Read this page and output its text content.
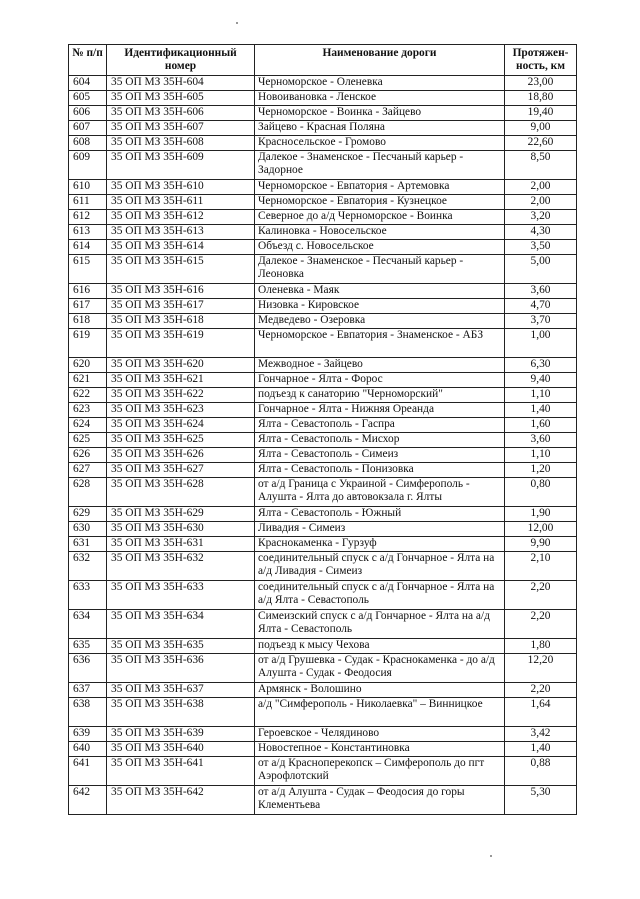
№ п/п	Идентификационный номер	Наименование дороги	Протяжен-ность, км
604	35 ОП МЗ 35Н-604	Черноморское - Оленевка	23,00
605	35 ОП МЗ 35Н-605	Новоивановка - Ленское	18,80
606	35 ОП МЗ 35Н-606	Черноморское - Воинка - Зайцево	19,40
607	35 ОП МЗ 35Н-607	Зайцево - Красная Поляна	9,00
608	35 ОП МЗ 35Н-608	Красносельское - Громово	22,60
609	35 ОП МЗ 35Н-609	Далекое - Знаменское - Песчаный карьер - Задорное	8,50
610	35 ОП МЗ 35Н-610	Черноморское - Евпатория - Артемовка	2,00
611	35 ОП МЗ 35Н-611	Черноморское - Евпатория - Кузнецкое	2,00
612	35 ОП МЗ 35Н-612	Северное до а/д Черноморское - Воинка	3,20
613	35 ОП МЗ 35Н-613	Калиновка - Новосельское	4,30
614	35 ОП МЗ 35Н-614	Объезд с. Новосельское	3,50
615	35 ОП МЗ 35Н-615	Далекое - Знаменское - Песчаный карьер - Леоновка	5,00
616	35 ОП МЗ 35Н-616	Оленевка - Маяк	3,60
617	35 ОП МЗ 35Н-617	Низовка - Кировское	4,70
618	35 ОП МЗ 35Н-618	Медведево - Озеровка	3,70
619	35 ОП МЗ 35Н-619	Черноморское - Евпатория - Знаменское - АБЗ	1,00
620	35 ОП МЗ 35Н-620	Межводное - Зайцево	6,30
621	35 ОП МЗ 35Н-621	Гончарное - Ялта - Форос	9,40
622	35 ОП МЗ 35Н-622	подъезд к санаторию "Черноморский"	1,10
623	35 ОП МЗ 35Н-623	Гончарное - Ялта - Нижняя Ореанда	1,40
624	35 ОП МЗ 35Н-624	Ялта - Севастополь - Гаспра	1,60
625	35 ОП МЗ 35Н-625	Ялта - Севастополь - Мисхор	3,60
626	35 ОП МЗ 35Н-626	Ялта - Севастополь - Симеиз	1,10
627	35 ОП МЗ 35Н-627	Ялта - Севастополь - Понизовка	1,20
628	35 ОП МЗ 35Н-628	от а/д Граница с Украиной - Симферополь - Алушта - Ялта до автовокзала г. Ялты	0,80
629	35 ОП МЗ 35Н-629	Ялта - Севастополь - Южный	1,90
630	35 ОП МЗ 35Н-630	Ливадия - Симеиз	12,00
631	35 ОП МЗ 35Н-631	Краснокаменка - Гурзуф	9,90
632	35 ОП МЗ 35Н-632	соединительный спуск с а/д Гончарное - Ялта на а/д Ливадия - Симеиз	2,10
633	35 ОП МЗ 35Н-633	соединительный спуск с а/д Гончарное - Ялта на а/д Ялта - Севастополь	2,20
634	35 ОП МЗ 35Н-634	Симеизский спуск с а/д Гончарное - Ялта на а/д Ялта - Севастополь	2,20
635	35 ОП МЗ 35Н-635	подъезд к мысу Чехова	1,80
636	35 ОП МЗ 35Н-636	от а/д Грушевка - Судак - Краснокаменка - до а/д Алушта - Судак - Феодосия	12,20
637	35 ОП МЗ 35Н-637	Армянск - Волошино	2,20
638	35 ОП МЗ 35Н-638	а/д "Симферополь - Николаевка" – Винницкое	1,64
639	35 ОП МЗ 35Н-639	Героевское - Челядиново	3,42
640	35 ОП МЗ 35Н-640	Новостепное - Константиновка	1,40
641	35 ОП МЗ 35Н-641	от а/д Красноперекопск – Симферополь до пгт Аэрофлотский	0,88
642	35 ОП МЗ 35Н-642	от а/д Алушта - Судак – Феодосия до горы Клементьева	5,30
